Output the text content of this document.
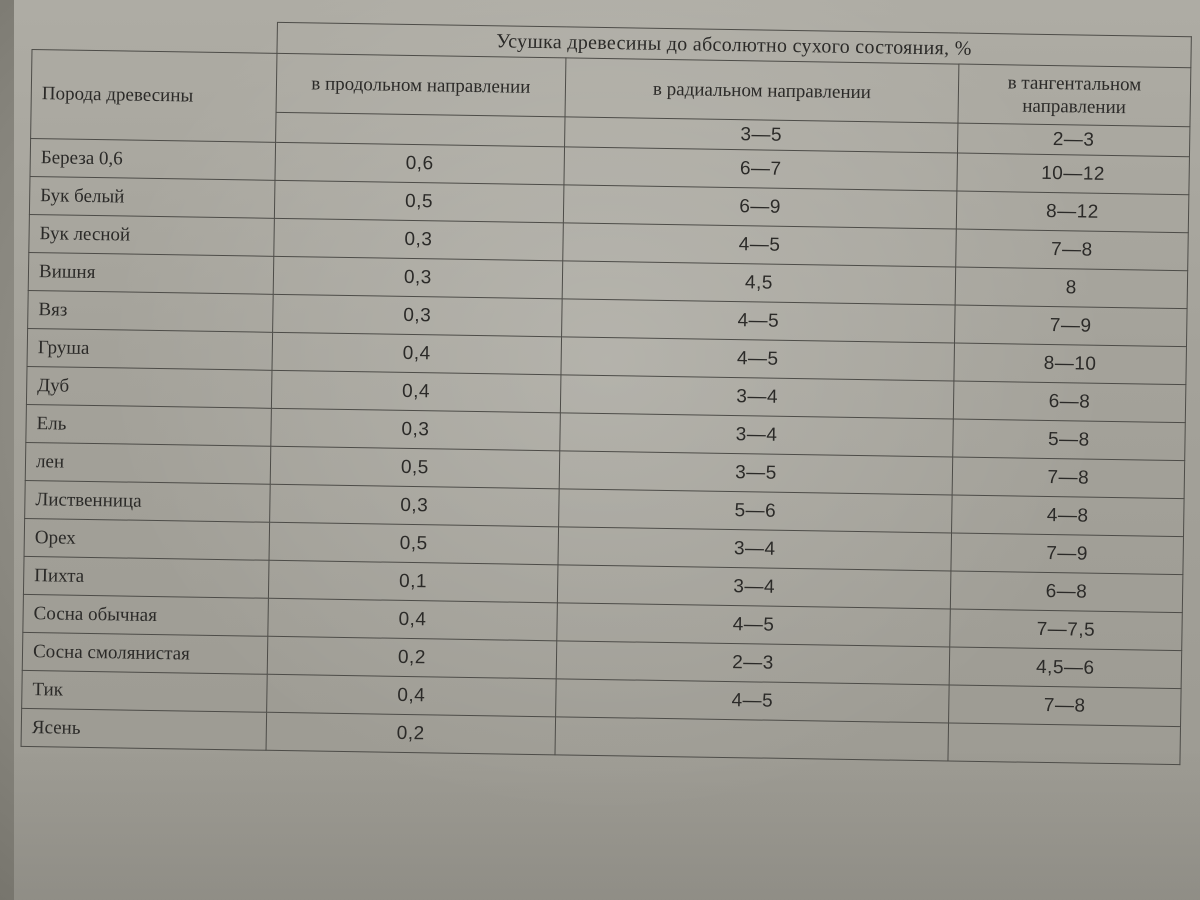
	Усушка древесины до абсолютно сухого состояния, %		
Порода древесины	в продольном направлении	в радиальном направлении	в тангентальном направлении
		3—5	2—3
Береза 0,6	0,6	6—7	10—12
Бук белый	0,5	6—9	8—12
Бук лесной	0,3	4—5	7—8
Вишня	0,3	4,5	8
Вяз	0,3	4—5	7—9
Груша	0,4	4—5	8—10
Дуб	0,4	3—4	6—8
Ель	0,3	3—4	5—8
лен	0,5	3—5	7—8
Лиственница	0,3	5—6	4—8
Орех	0,5	3—4	7—9
Пихта	0,1	3—4	6—8
Сосна обычная	0,4	4—5	7—7,5
Сосна смолянистая	0,2	2—3	4,5—6
Тик	0,4	4—5	7—8
Ясень	0,2		
